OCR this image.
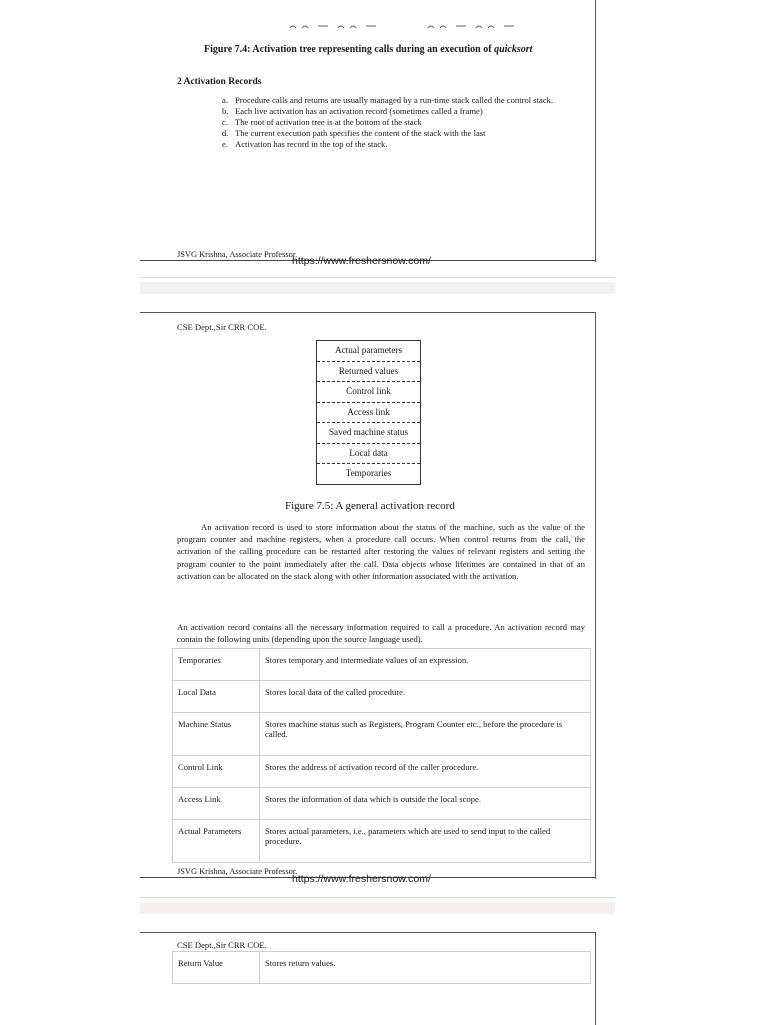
Figure 7.4: Activation tree representing calls during an execution of quicksort
2 Activation Records
a. Procedure calls and returns are usually managed by a run-time stack called the control stack.
b. Each live activation has an activation record (sometimes called a frame)
c. The root of activation tree is at the bottom of the stack
d. The current execution path specifies the content of the stack with the last
e. Activation has record in the top of the stack.
JSVG Krishna, Associate Professor.
https://www.freshersnow.com/
CSE Dept.,Sir CRR COE.
Actual parameters
Returned values
Control link
Access link
Saved machine status
Local data
Temporaries
Figure 7.5: A general activation record
An activation record is used to store information about the status of the machine, such as the value of the program counter and machine registers, when a procedure call occurs. When control returns from the call, the activation of the calling procedure can be restarted after restoring the values of relevant registers and setting the program counter to the point immediately after the call. Data objects whose lifetimes are contained in that of an activation can be allocated on the stack along with other information associated with the activation.
An activation record contains all the necessary information required to call a procedure. An activation record may contain the following units (depending upon the source language used).
Temporaries	Stores temporary and intermediate values of an expression.
Local Data	Stores local data of the called procedure.
Machine Status	Stores machine status such as Registers, Program Counter etc., before the procedure is called.
Control Link	Stores the address of activation record of the caller procedure.
Access Link	Stores the information of data which is outside the local scope.
Actual Parameters	Stores actual parameters, i.e., parameters which are used to send input to the called procedure.
JSVG Krishna, Associate Professor.
https://www.freshersnow.com/
CSE Dept.,Sir CRR COE.
Return Value	Stores return values.
